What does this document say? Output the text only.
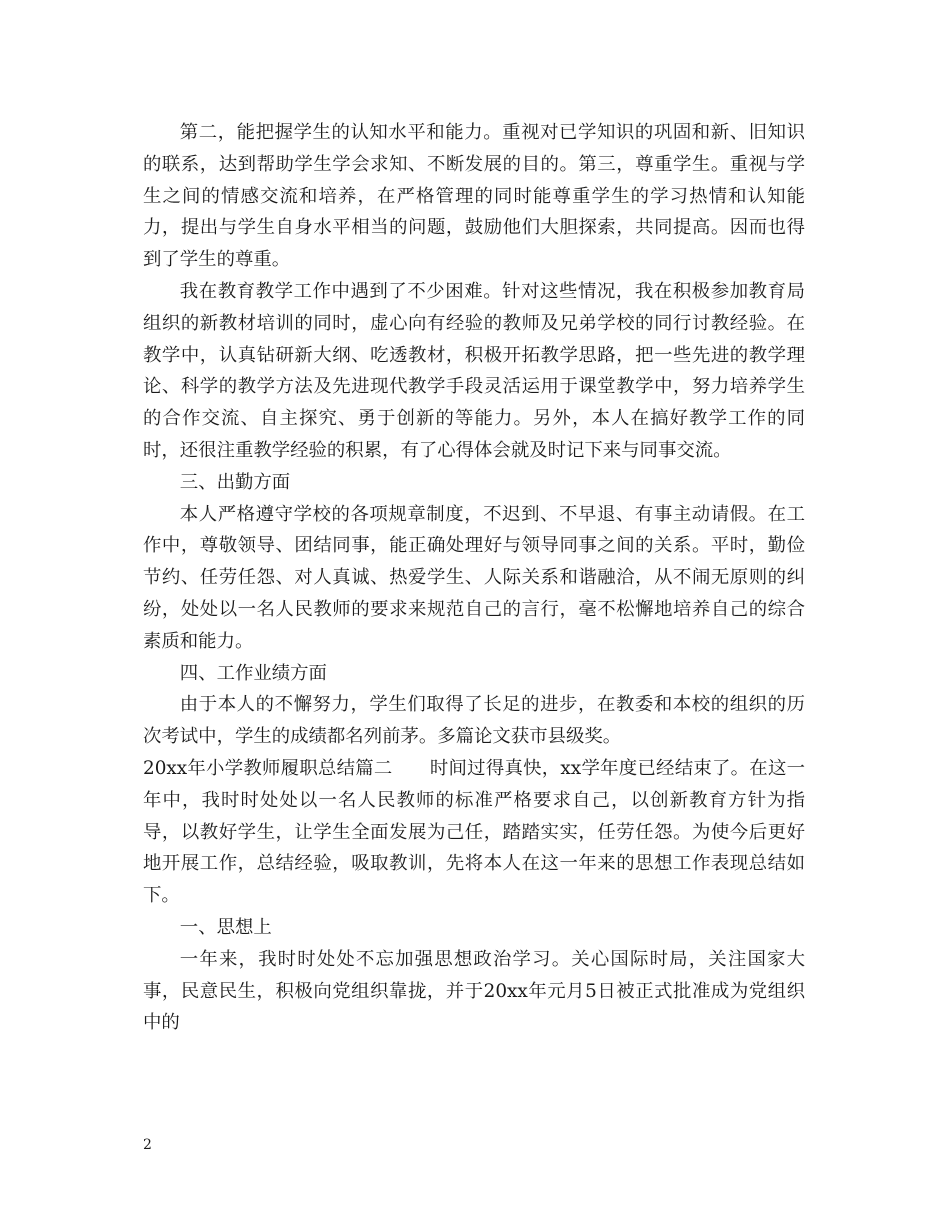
第二，能把握学生的认知水平和能力。重视对已学知识的巩固和新、旧知识的联系，达到帮助学生学会求知、不断发展的目的。第三，尊重学生。重视与学生之间的情感交流和培养，在严格管理的同时能尊重学生的学习热情和认知能力，提出与学生自身水平相当的问题，鼓励他们大胆探索，共同提高。因而也得到了学生的尊重。

我在教育教学工作中遇到了不少困难。针对这些情况，我在积极参加教育局组织的新教材培训的同时，虚心向有经验的教师及兄弟学校的同行讨教经验。在教学中，认真钻研新大纲、吃透教材，积极开拓教学思路，把一些先进的教学理论、科学的教学方法及先进现代教学手段灵活运用于课堂教学中，努力培养学生的合作交流、自主探究、勇于创新的等能力。另外，本人在搞好教学工作的同时，还很注重教学经验的积累，有了心得体会就及时记下来与同事交流。

三、出勤方面

本人严格遵守学校的各项规章制度，不迟到、不早退、有事主动请假。在工作中，尊敬领导、团结同事，能正确处理好与领导同事之间的关系。平时，勤俭节约、任劳任怨、对人真诚、热爱学生、人际关系和谐融洽，从不闹无原则的纠纷，处处以一名人民教师的要求来规范自己的言行，毫不松懈地培养自己的综合素质和能力。

四、工作业绩方面

由于本人的不懈努力，学生们取得了长足的进步，在教委和本校的组织的历次考试中，学生的成绩都名列前茅。多篇论文获市县级奖。

20xx年小学教师履职总结篇二　　时间过得真快，xx学年度已经结束了。在这一年中，我时时处处以一名人民教师的标准严格要求自己，以创新教育方针为指导，以教好学生，让学生全面发展为己任，踏踏实实，任劳任怨。为使今后更好地开展工作，总结经验，吸取教训，先将本人在这一年来的思想工作表现总结如下。

一、思想上

一年来，我时时处处不忘加强思想政治学习。关心国际时局，关注国家大事，民意民生，积极向党组织靠拢，并于20xx年元月5日被正式批准成为党组织中的

2
